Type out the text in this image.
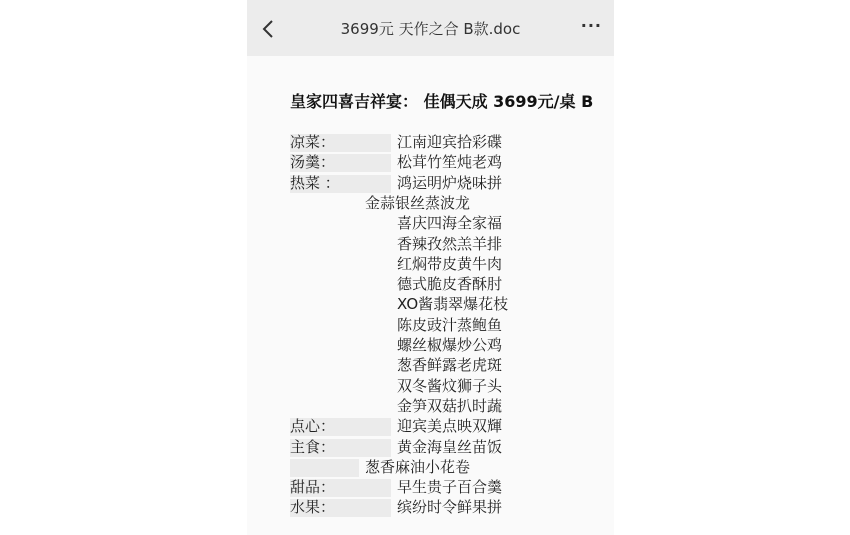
3699元 天作之合 B款.doc	···
皇家四喜吉祥宴： 佳偶天成 3699元/桌 B
凉菜：	江南迎宾拾彩碟
汤羹：	松茸竹笙炖老鸡
热菜 ：	鸿运明炉烧味拼
金蒜银丝蒸波龙
喜庆四海全家福
香辣孜然羔羊排
红焖带皮黄牛肉
德式脆皮香酥肘
XO酱翡翠爆花枝
陈皮豉汁蒸鲍鱼
螺丝椒爆炒公鸡
葱香鲜露老虎斑
双冬酱炆狮子头
金笋双菇扒时蔬
点心：	迎宾美点映双輝
主食：	黄金海皇丝苗饭
葱香麻油小花卷
甜品：	早生贵子百合羹
水果：	缤纷时令鲜果拼
